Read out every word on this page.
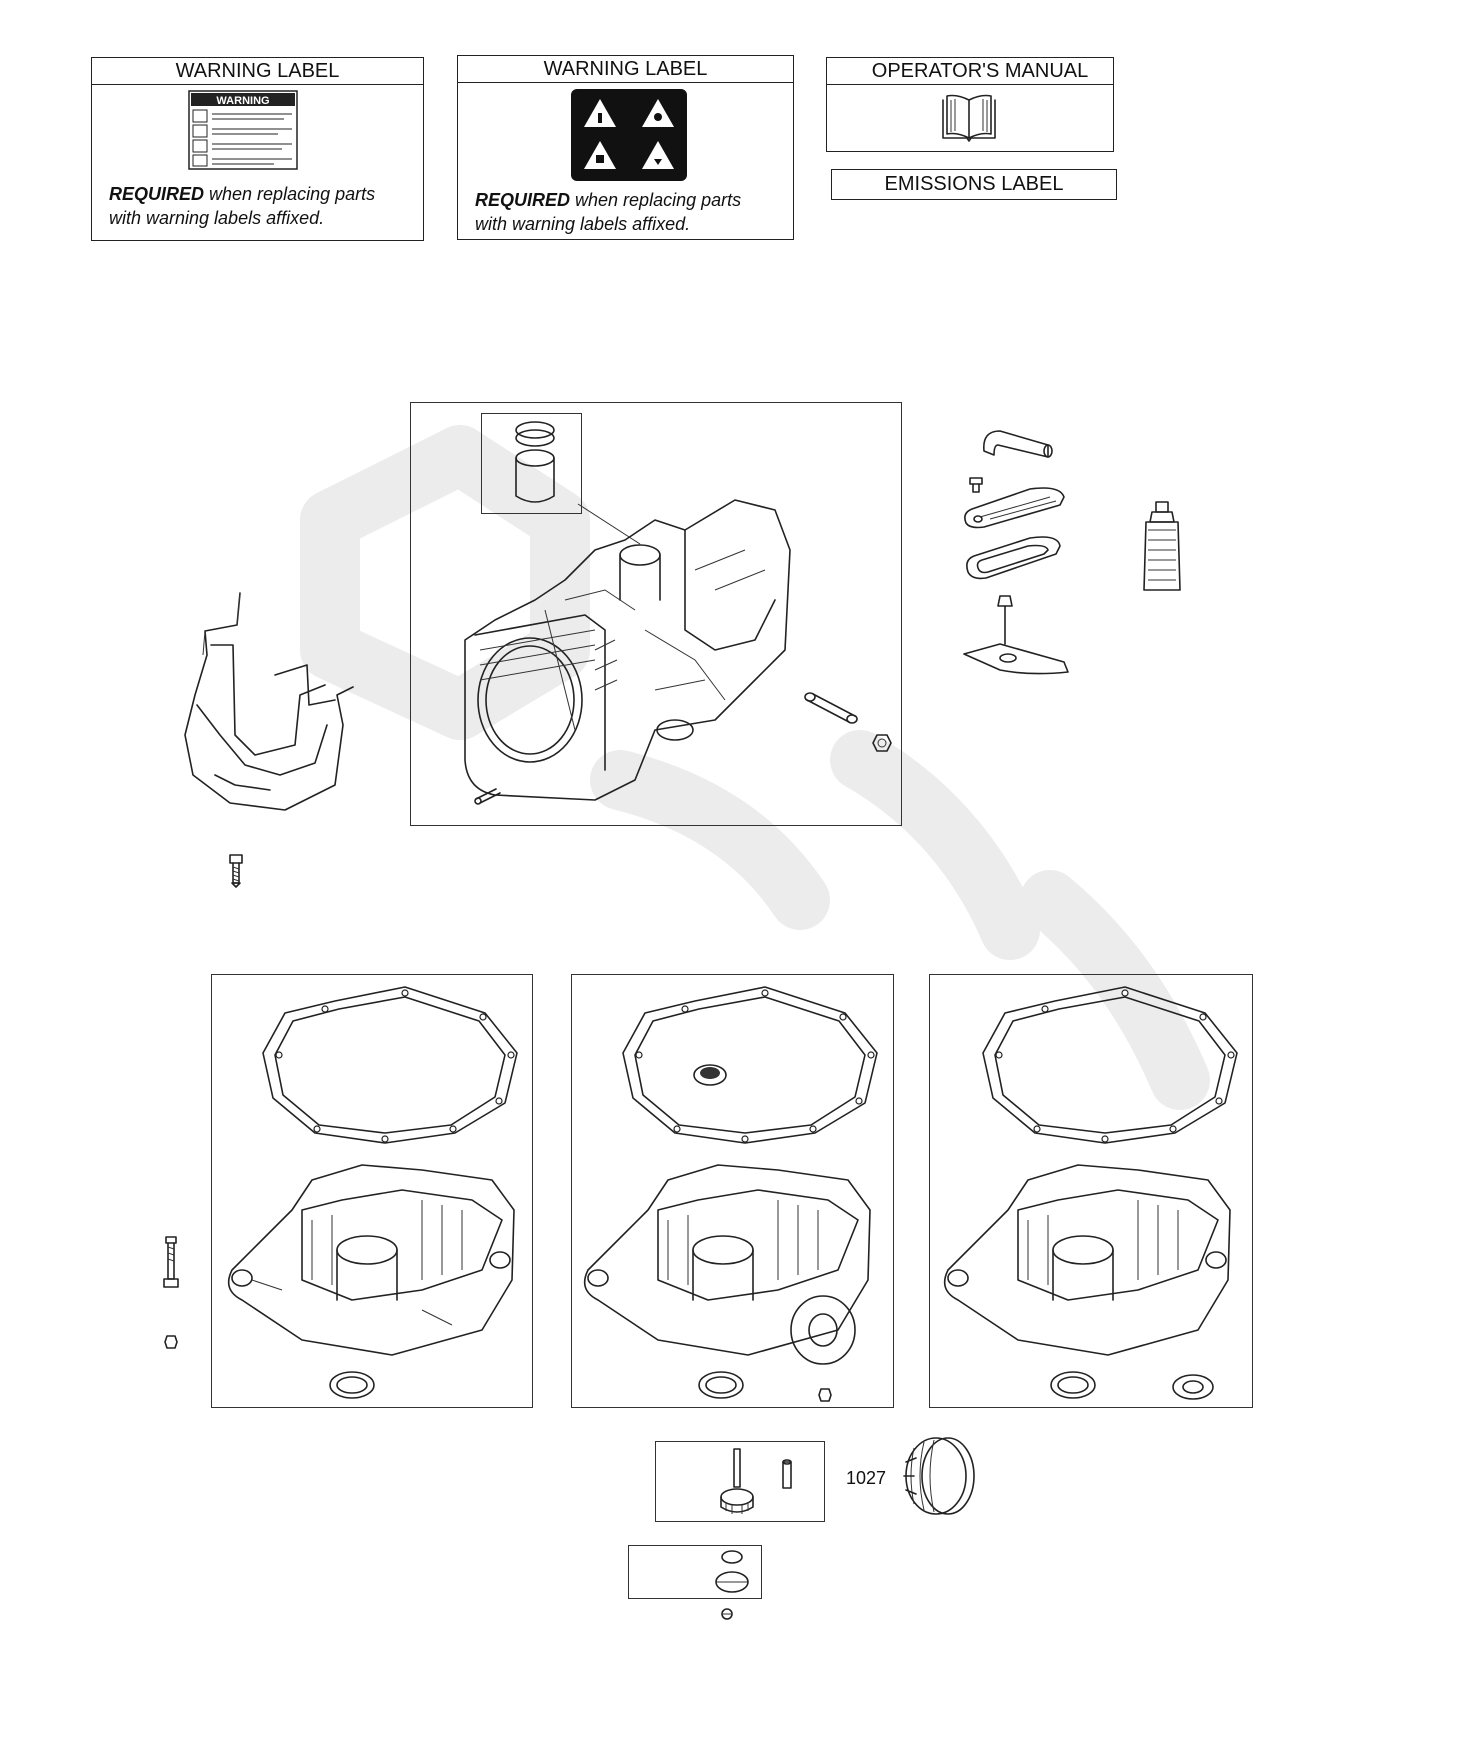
WARNING LABEL
WARNING
REQUIRED when replacing parts
with warning labels affixed.
WARNING LABEL
REQUIRED when replacing parts
with warning labels affixed.
OPERATOR'S MANUAL
EMISSIONS LABEL
1027
